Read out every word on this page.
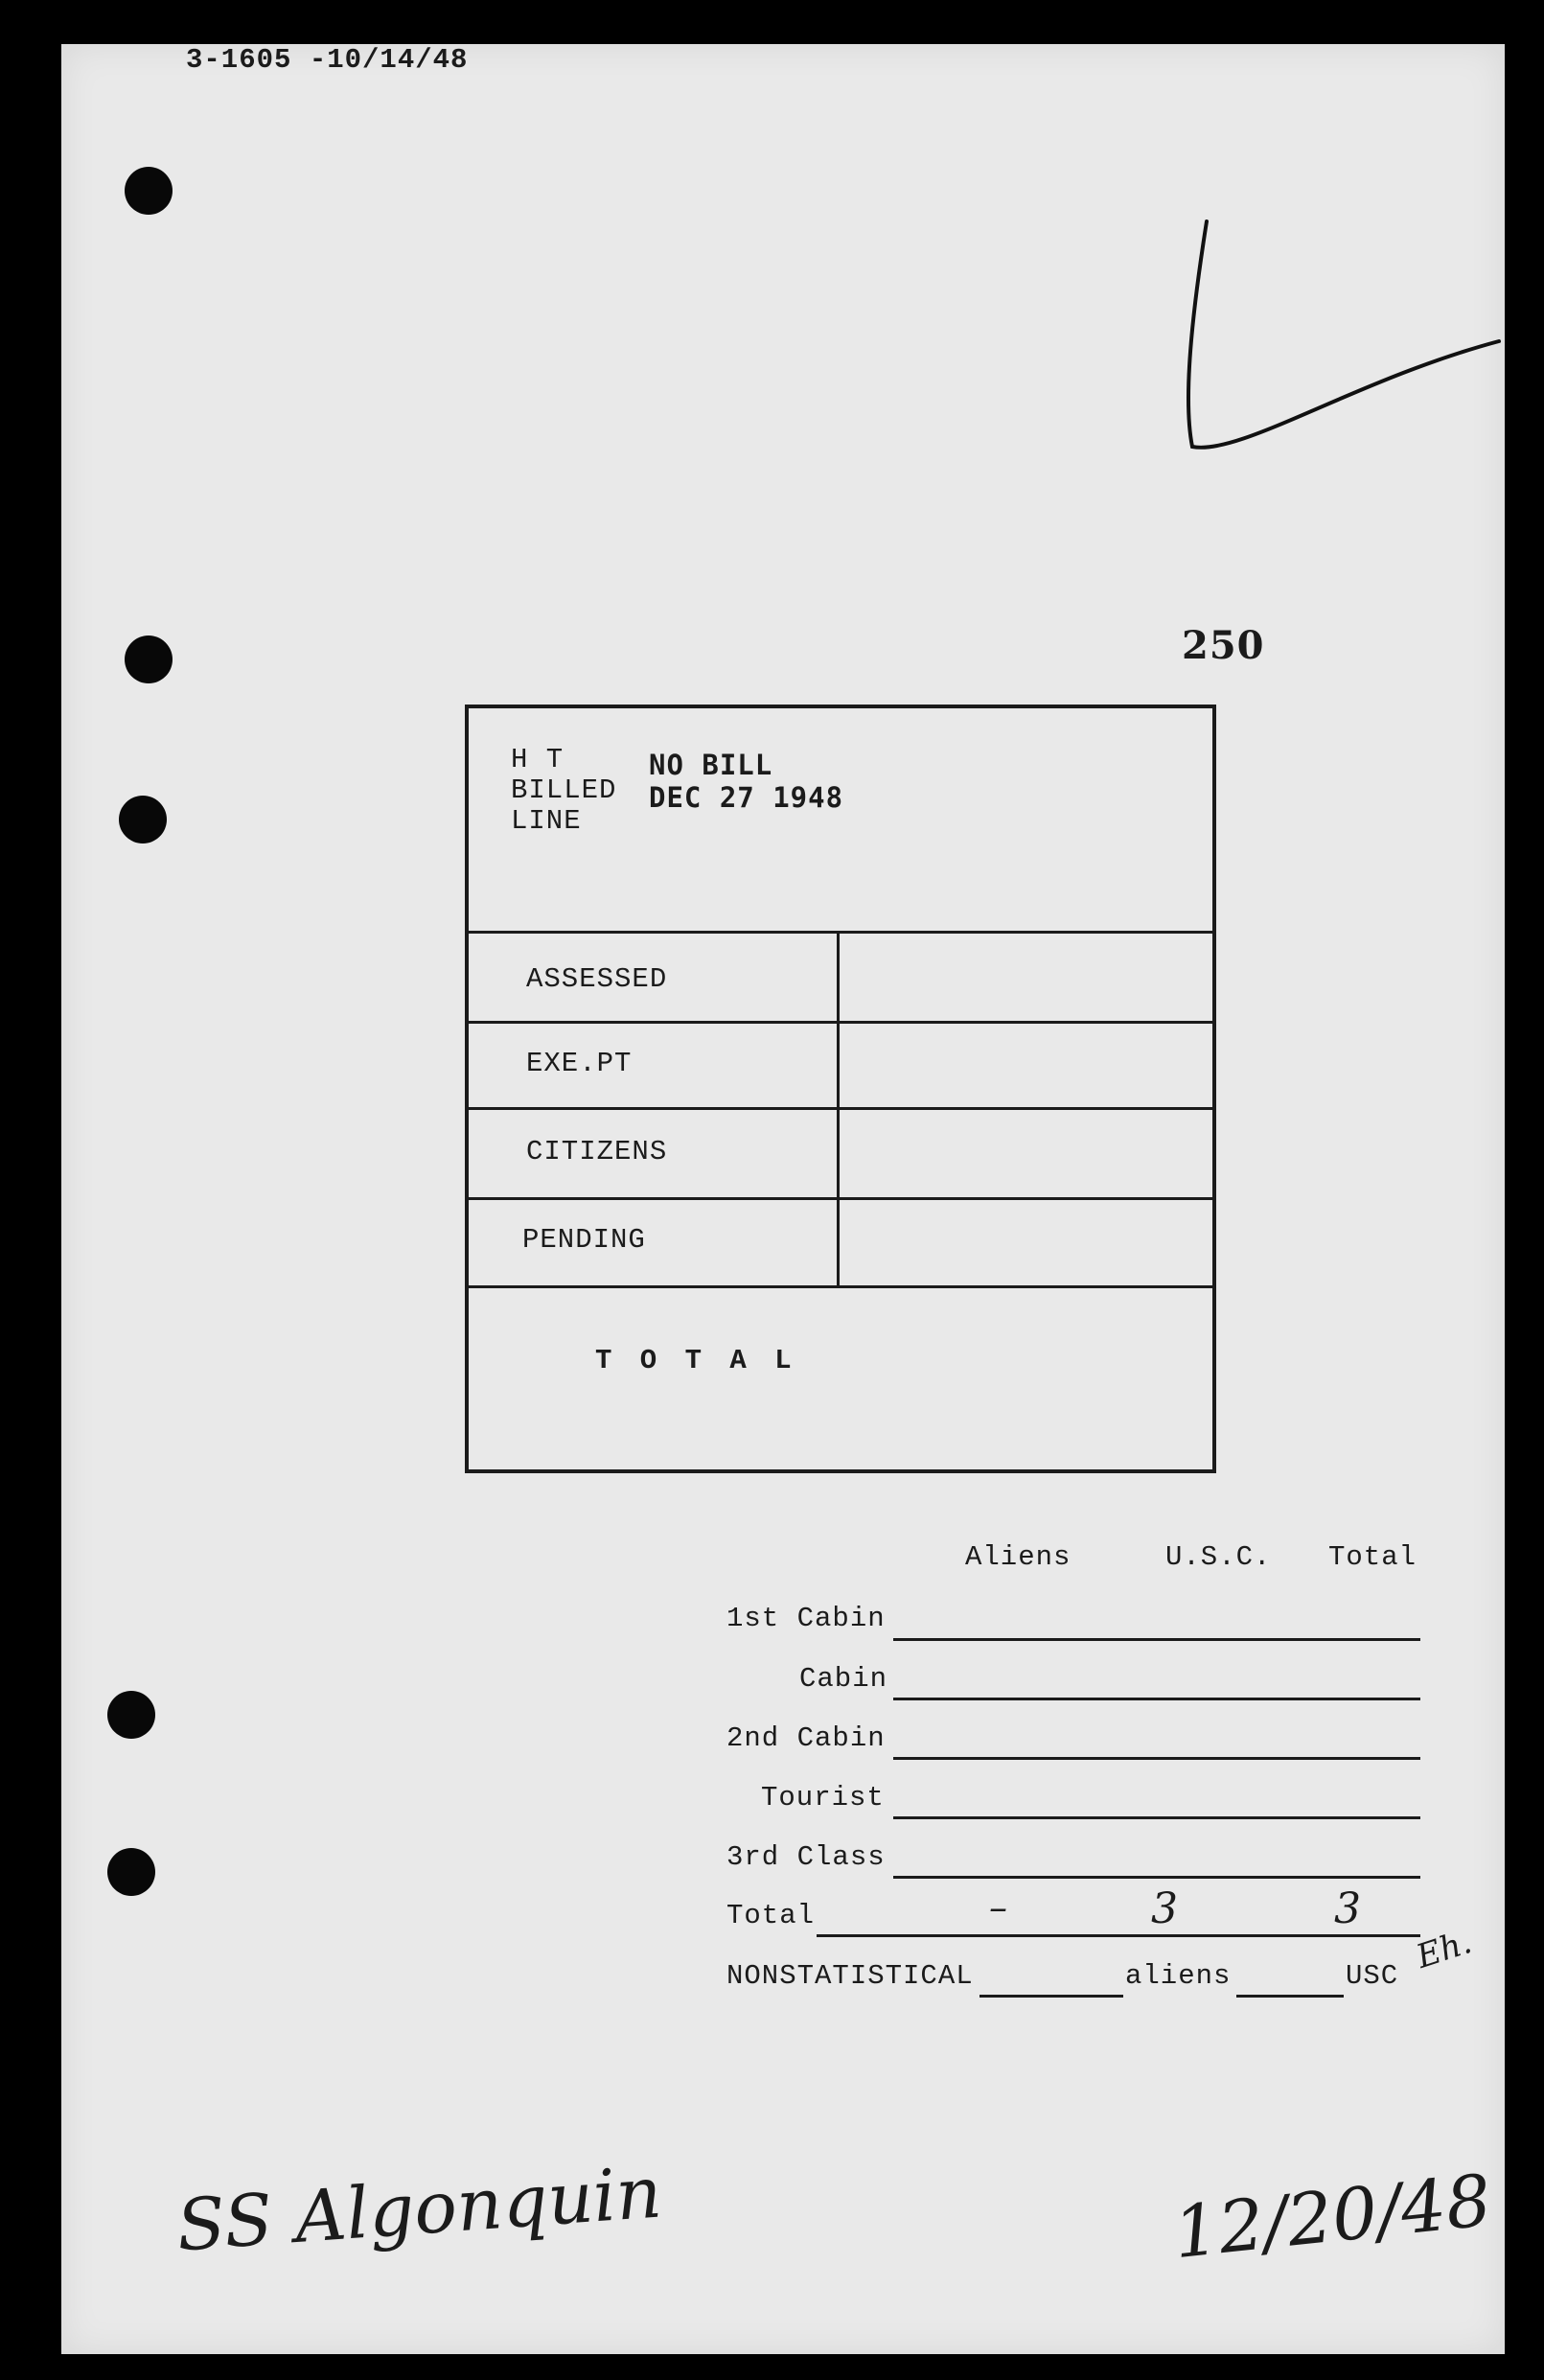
3-1605 -10/14/48
250
H T
BILLED
LINE
NO BILL
DEC 27 1948
ASSESSED
EXE.PT
CITIZENS
PENDING
T O T A L
Aliens	U.S.C. Total
1st Cabin
Cabin
2nd Cabin
Tourist
3rd Class
Total	–	3	3
NONSTATISTICAL	aliens	USC Eh.
SS Algonquin	12/20/48
